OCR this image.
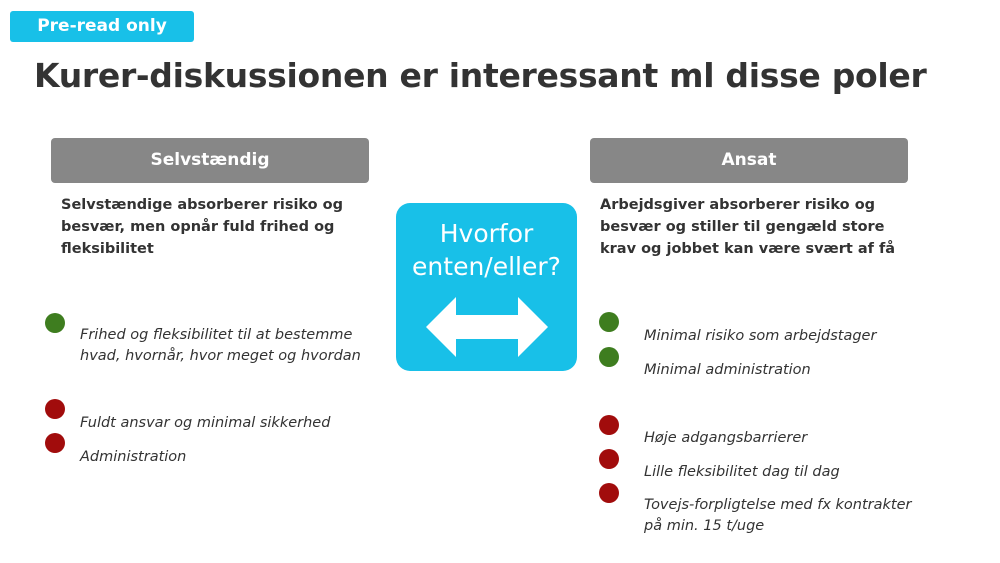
Pre-read only
Kurer-diskussionen er interessant ml disse poler
Selvstændig
Selvstændige absorberer risiko og besvær, men opnår fuld frihed og fleksibilitet
Frihed og fleksibilitet til at bestemme hvad, hvornår, hvor meget og hvordan
Fuldt ansvar og minimal sikkerhed
Administration
Hvorfor enten/eller?
Ansat
Arbejdsgiver absorberer risiko og besvær og stiller til gengæld store krav og jobbet kan være svært af få
Minimal risiko som arbejdstager
Minimal administration
Høje adgangsbarrierer
Lille fleksibilitet dag til dag
Tovejs-forpligtelse med fx kontrakter på min. 15 t/uge
